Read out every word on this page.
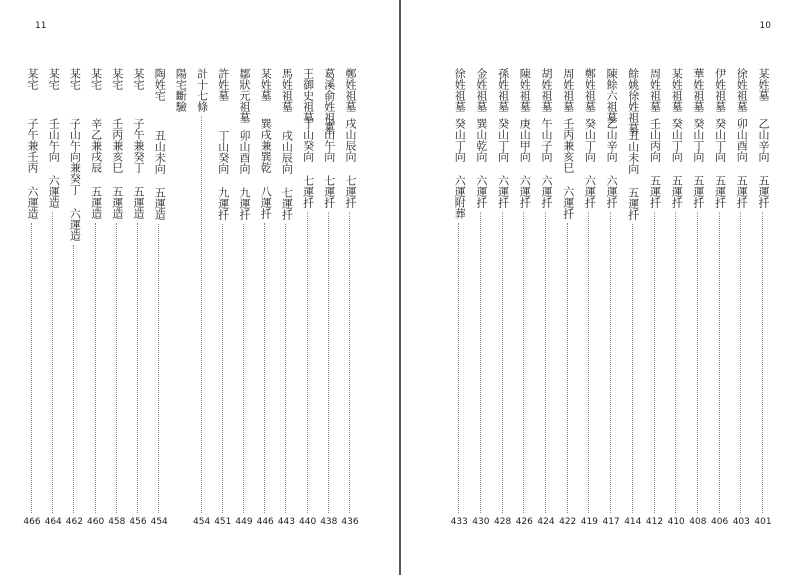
11
鄭姓祖墓
戌山辰向 七運扦
436
葛溪俞姓祖墓
子山午向 七運扦
438
王御史祖墓
丁山癸向 七運扦
440
馬姓祖墓
戌山辰向 七運扦
443
某姓墓
巽戌兼巽乾 八運扦
446
鄒狀元祖墓
卯山酉向 九運扦
449
許姓墓
丁山癸向 九運扦
451
計十七條
454
陽宅斷驗
陶姓宅
丑山未向 五運造
454
某宅
子午兼癸丁 五運造
456
某宅
壬丙兼亥巳 五運造
458
某宅
辛乙兼戌辰 五運造
460
某宅
子山午向兼癸丁 六運造
462
某宅
壬山午向 六運造
464
某宅
子午兼壬丙 六運造
466
10
某姓墓
乙山辛向 五運扦
401
徐姓祖墓
卯山酉向 五運扦
403
伊姓祖墓
癸山丁向 五運扦
406
華姓祖墓
癸山丁向 五運扦
408
某姓祖墓
癸山丁向 五運扦
410
周姓祖墓
壬山丙向 五運扦
412
餘姚徐姓祖墓
丑山未向 五運扦
414
陳餘六祖墓
乙山辛向 六運扦
417
鄭姓祖墓
癸山丁向 六運扦
419
周姓祖墓
壬丙兼亥巳 六運扦
422
胡姓祖墓
午山子向 六運扦
424
陳姓祖墓
庚山甲向 六運扦
426
孫姓祖墓
癸山丁向 六運扦
428
金姓祖墓
巽山乾向 六運扦
430
徐姓祖墓
癸山丁向 六運附葬
433
